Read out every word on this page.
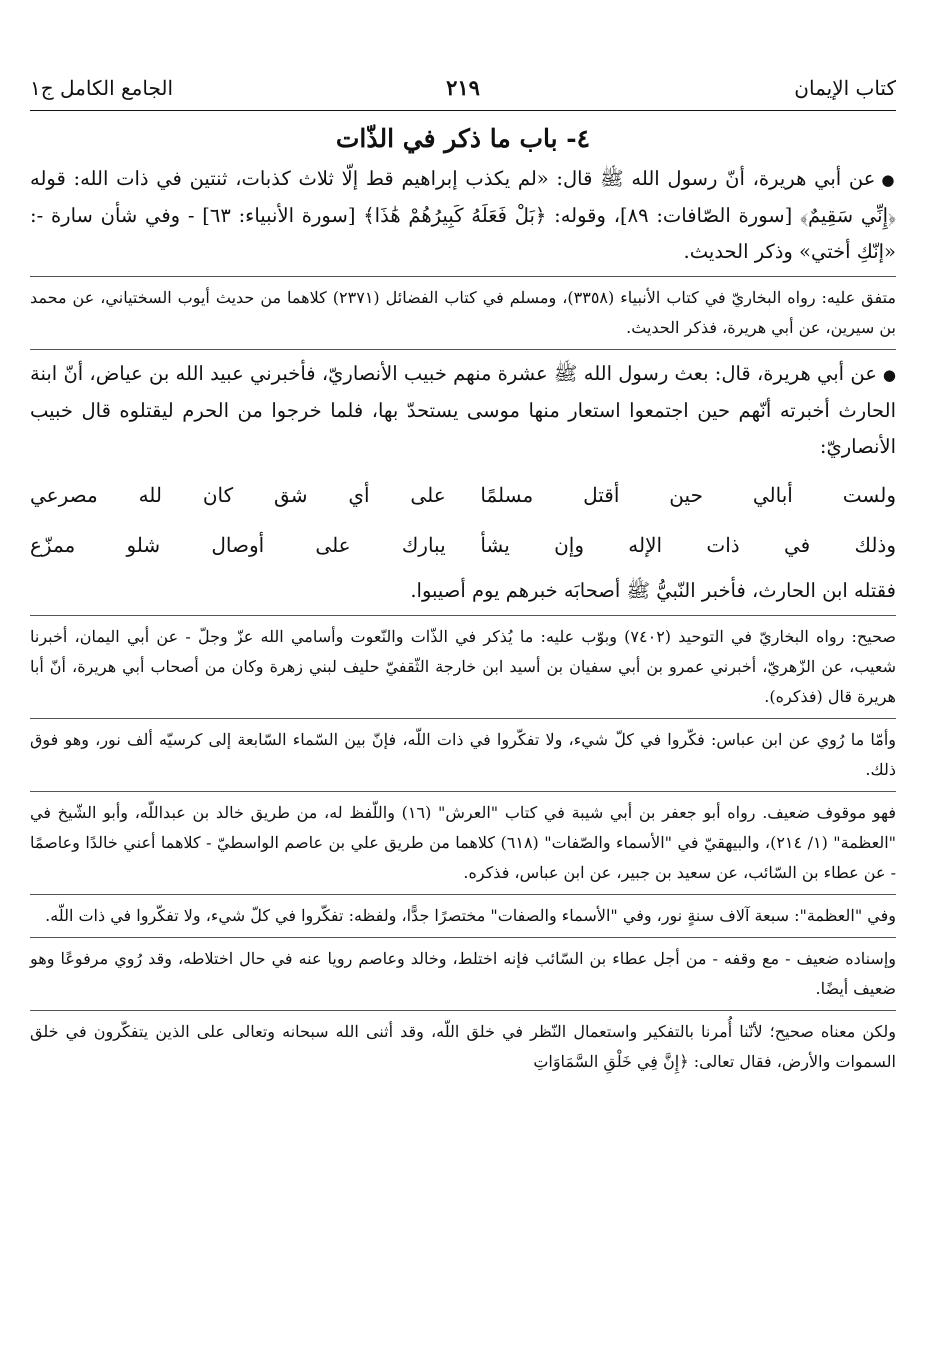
كتاب الإيمان
٢١٩
الجامع الكامل ج١
٤- باب ما ذكر في الذّات

●عن أبي هريرة، أنّ رسول الله ﷺ قال: «لم يكذب إبراهيم قط إلّا ثلاث كذبات، ثنتين في ذات الله: قوله ﴿إِنِّي سَقِيمٌ﴾ [سورة الصّافات: ٨٩]، وقوله: ﴿بَلْ فَعَلَهُ كَبِيرُهُمْ هَٰذَا﴾ [سورة الأنبياء: ٦٣] - وفي شأن سارة -: «إنّكِ أختي» وذكر الحديث.

متفق عليه: رواه البخاريّ في كتاب الأنبياء (٣٣٥٨)، ومسلم في كتاب الفضائل (٢٣٧١) كلاهما من حديث أيوب السختياني، عن محمد بن سيرين، عن أبي هريرة، فذكر الحديث.

●عن أبي هريرة، قال: بعث رسول الله ﷺ عشرة منهم خبيب الأنصاريّ، فأخبرني عبيد الله بن عياض، أنّ ابنة الحارث أخبرته أنّهم حين اجتمعوا استعار منها موسى يستحدّ بها، فلما خرجوا من الحرم ليقتلوه قال خبيب الأنصاريّ:

ولست أبالي حين أقتل مسلمًا
على أي شق كان لله مصرعي
وذلك في ذات الإله وإن يشأ
يبارك على أوصال شلو ممزّع

فقتله ابن الحارث، فأخبر النّبيُّ ﷺ أصحابَه خبرهم يوم أصيبوا.

صحيح: رواه البخاريّ في التوحيد (٧٤٠٢) وبوّب عليه: ما يُذكر في الذّات والنّعوت وأسامي الله عزّ وجلّ - عن أبي اليمان، أخبرنا شعيب، عن الزّهريّ، أخبرني عمرو بن أبي سفيان بن أسيد ابن خارجة الثّقفيّ حليف لبني زهرة وكان من أصحاب أبي هريرة، أنّ أبا هريرة قال (فذكره).

وأمّا ما رُوي عن ابن عباس: فكّروا في كلّ شيء، ولا تفكّروا في ذات اللّه، فإنّ بين السّماء السّابعة إلى كرسيّه ألف نور، وهو فوق ذلك.

فهو موقوف ضعيف. رواه أبو جعفر بن أبي شيبة في كتاب "العرش" (١٦) واللّفظ له، من طريق خالد بن عبداللّه، وأبو الشّيخ في "العظمة" (١/ ٢١٤)، والبيهقيّ في "الأسماء والصّفات" (٦١٨) كلاهما من طريق علي بن عاصم الواسطيّ - كلاهما أعني خالدًا وعاصمًا - عن عطاء بن السّائب، عن سعيد بن جبير، عن ابن عباس، فذكره.

وفي "العظمة": سبعة آلاف سنةٍ نور، وفي "الأسماء والصفات" مختصرًا جدًّا، ولفظه: تفكّروا في كلّ شيء، ولا تفكّروا في ذات اللّه.

وإسناده ضعيف - مع وقفه - من أجل عطاء بن السّائب فإنه اختلط، وخالد وعاصم رويا عنه في حال اختلاطه، وقد رُوي مرفوعًا وهو ضعيف أيضًا.

ولكن معناه صحيح؛ لأنّنا أُمرنا بالتفكير واستعمال النّظر في خلق اللّه، وقد أثنى الله سبحانه وتعالى على الذين يتفكّرون في خلق السموات والأرض، فقال تعالى: ﴿إِنَّ فِي خَلْقِ السَّمَاوَاتِ
